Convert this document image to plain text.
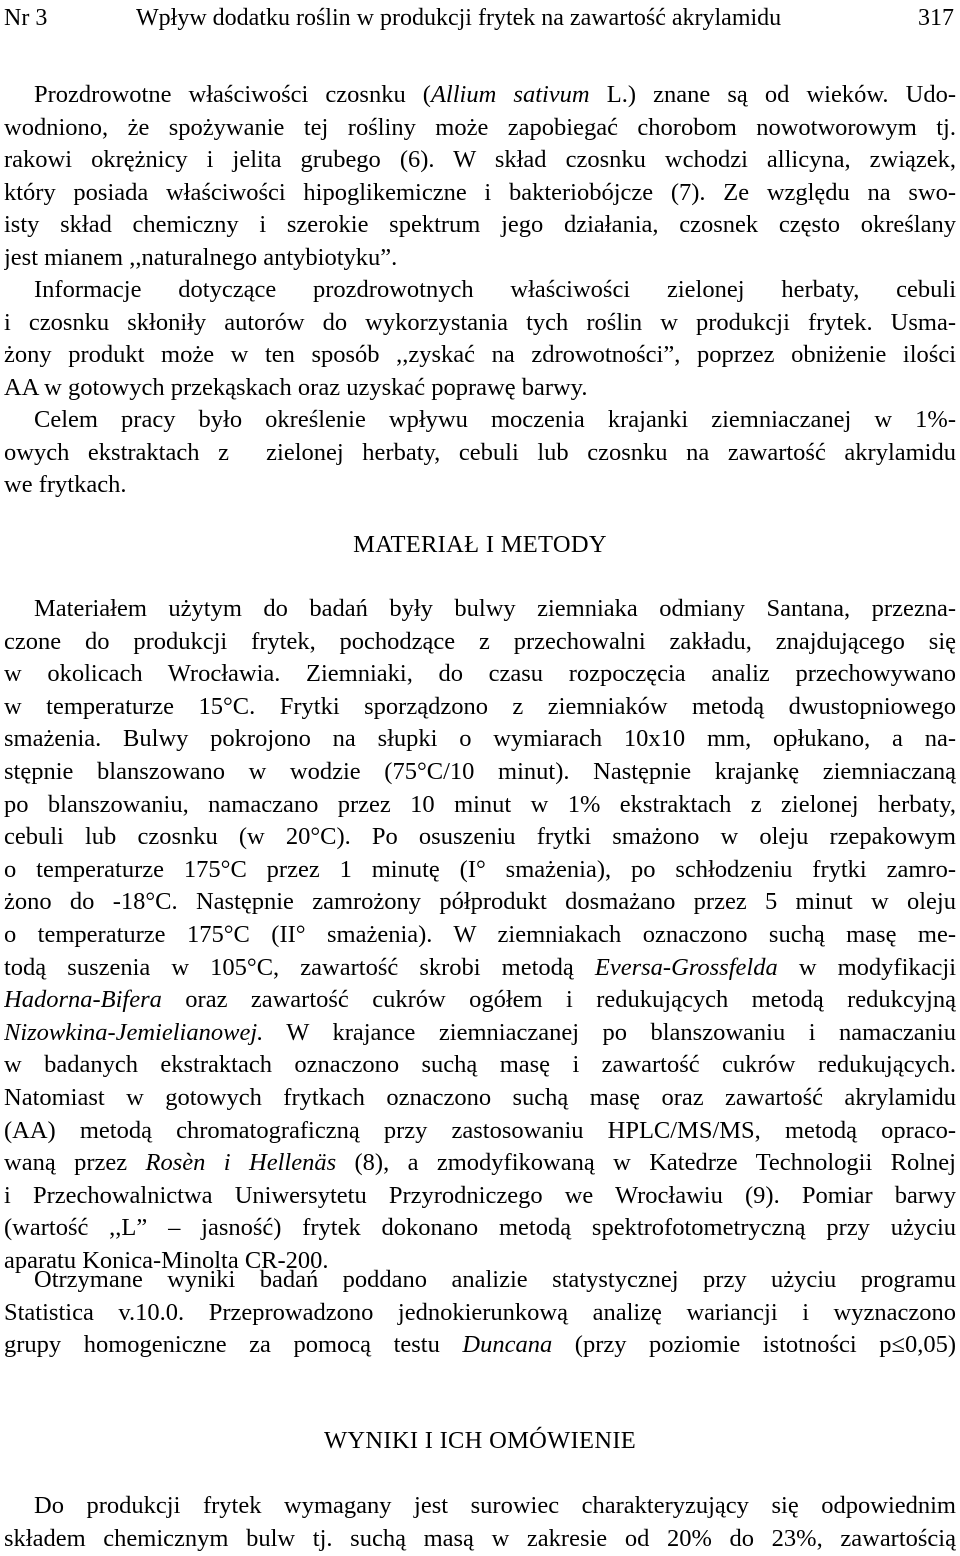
Nr 3	Wpływ dodatku roślin w produkcji frytek na zawartość akrylamidu	317
Prozdrowotne właściwości czosnku (Allium sativum L.) znane są od wieków. Udo-
wodniono, że spożywanie tej rośliny może zapobiegać chorobom nowotworowym tj.
rakowi okrężnicy i jelita grubego (6). W skład czosnku wchodzi allicyna, związek,
który posiada właściwości hipoglikemiczne i bakteriobójcze (7). Ze względu na swo-
isty skład chemiczny i szerokie spektrum jego działania, czosnek często określany
jest mianem ,,naturalnego antybiotyku”.
Informacje dotyczące prozdrowotnych właściwości zielonej herbaty, cebuli
i czosnku skłoniły autorów do wykorzystania tych roślin w produkcji frytek. Usma-
żony produkt może w ten sposób ,,zyskać na zdrowotności”, poprzez obniżenie ilości
AA w gotowych przekąskach oraz uzyskać poprawę barwy.
Celem pracy było określenie wpływu moczenia krajanki ziemniaczanej w 1%-
owych ekstraktach z  zielonej herbaty, cebuli lub czosnku na zawartość akrylamidu
we frytkach.
MATERIAŁ I METODY
Materiałem użytym do badań były bulwy ziemniaka odmiany Santana, przezna-
czone do produkcji frytek, pochodzące z przechowalni zakładu, znajdującego się
w okolicach Wrocławia. Ziemniaki, do czasu rozpoczęcia analiz przechowywano
w temperaturze 15°C. Frytki sporządzono z ziemniaków metodą dwustopniowego
smażenia. Bulwy pokrojono na słupki o wymiarach 10x10 mm, opłukano, a na-
stępnie blanszowano w wodzie (75°C/10 minut). Następnie krajankę ziemniaczaną
po blanszowaniu, namaczano przez 10 minut w 1% ekstraktach z zielonej herbaty,
cebuli lub czosnku (w 20°C). Po osuszeniu frytki smażono w oleju rzepakowym
o temperaturze 175°C przez 1 minutę (I° smażenia), po schłodzeniu frytki zamro-
żono do -18°C. Następnie zamrożony półprodukt dosmażano przez 5 minut w oleju
o temperaturze 175°C (II° smażenia). W ziemniakach oznaczono suchą masę me-
todą suszenia w 105°C, zawartość skrobi metodą Eversa-Grossfelda w modyfikacji
Hadorna-Bifera oraz zawartość cukrów ogółem i redukujących metodą redukcyjną
Nizowkina-Jemielianowej. W krajance ziemniaczanej po blanszowaniu i namaczaniu
w badanych ekstraktach oznaczono suchą masę i zawartość cukrów redukujących.
Natomiast w gotowych frytkach oznaczono suchą masę oraz zawartość akrylamidu
(AA) metodą chromatograficzną przy zastosowaniu HPLC/MS/MS, metodą opraco-
waną przez Rosèn i Hellenäs (8), a zmodyfikowaną w Katedrze Technologii Rolnej
i Przechowalnictwa Uniwersytetu Przyrodniczego we Wrocławiu (9). Pomiar barwy
(wartość ,,L” – jasność) frytek dokonano metodą spektrofotometryczną przy użyciu
aparatu Konica-Minolta CR-200.
Otrzymane wyniki badań poddano analizie statystycznej przy użyciu programu
Statistica v.10.0. Przeprowadzono jednokierunkową analizę wariancji i wyznaczono
grupy homogeniczne za pomocą testu Duncana (przy poziomie istotności p≤0,05)
WYNIKI I ICH OMÓWIENIE
Do produkcji frytek wymagany jest surowiec charakteryzujący się odpowiednim
składem chemicznym bulw tj. suchą masą w zakresie od 20% do 23%, zawartością
